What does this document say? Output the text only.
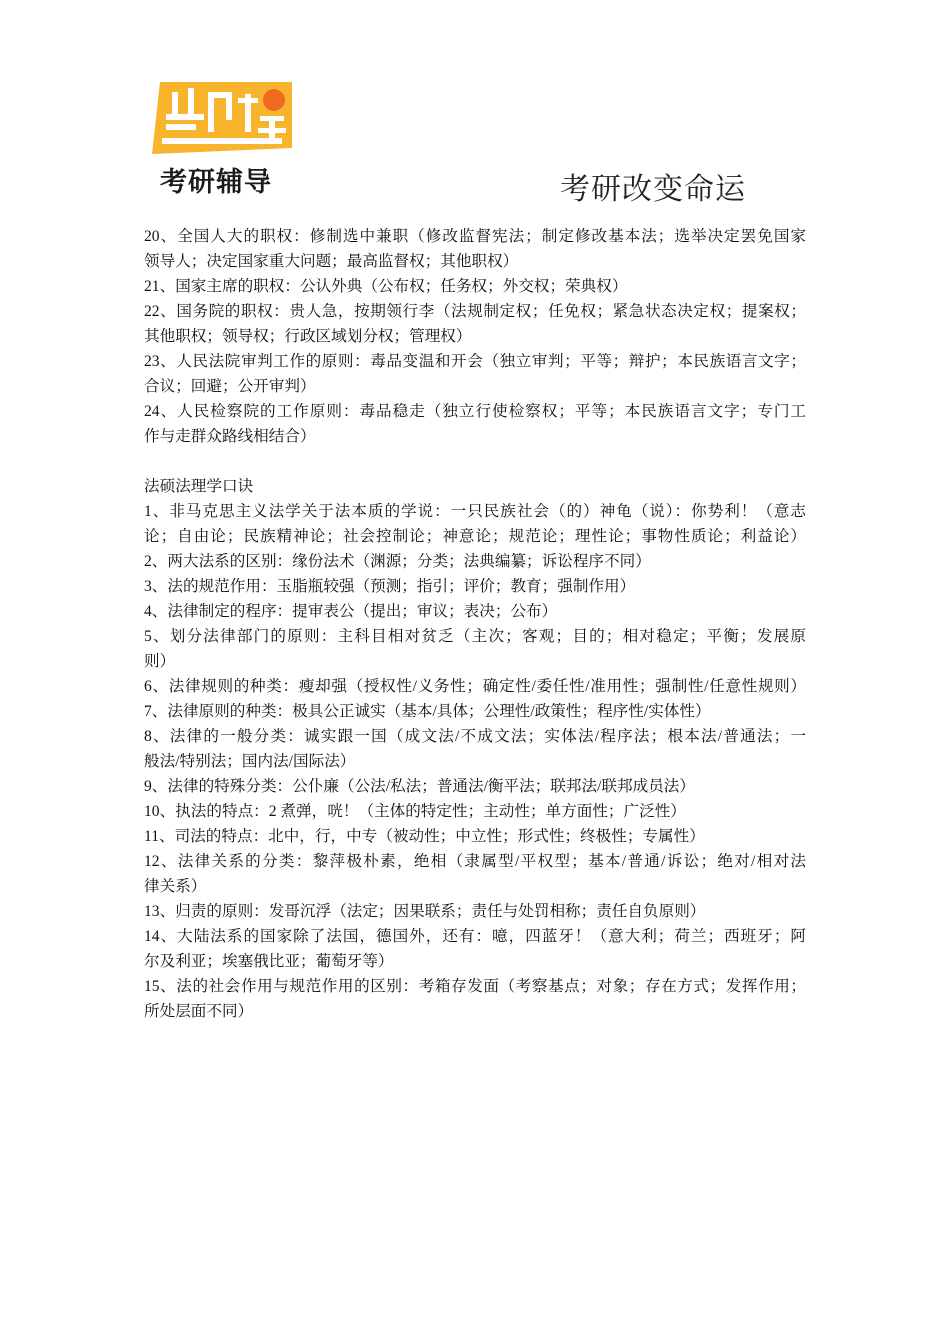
考研辅导	考研改变命运
20、全国人大的职权：修制选中兼职（修改监督宪法；制定修改基本法；选举决定罢免国家
领导人；决定国家重大问题；最高监督权；其他职权）
21、国家主席的职权：公认外典（公布权；任务权；外交权；荣典权）
22、国务院的职权：贵人急，按期领行李（法规制定权；任免权；紧急状态决定权；提案权；
其他职权；领导权；行政区域划分权；管理权）
23、人民法院审判工作的原则：毒品变温和开会（独立审判；平等；辩护；本民族语言文字；
合议；回避；公开审判）
24、人民检察院的工作原则：毒品稳走（独立行使检察权；平等；本民族语言文字；专门工
作与走群众路线相结合）
法硕法理学口诀
1、非马克思主义法学关于法本质的学说：一只民族社会（的）神龟（说）：你势利！（意志
论；自由论；民族精神论；社会控制论；神意论；规范论；理性论；事物性质论；利益论）
2、两大法系的区别：缘份法术（渊源；分类；法典编纂；诉讼程序不同）
3、法的规范作用：玉脂瓶较强（预测；指引；评价；教育；强制作用）
4、法律制定的程序：提审表公（提出；审议；表决；公布）
5、划分法律部门的原则：主科目相对贫乏（主次；客观；目的；相对稳定；平衡；发展原
则）
6、法律规则的种类：瘦却强（授权性/义务性；确定性/委任性/准用性；强制性/任意性规则）
7、法律原则的种类：极具公正诚实（基本/具体；公理性/政策性；程序性/实体性）
8、法律的一般分类：诚实跟一国（成文法/不成文法；实体法/程序法；根本法/普通法；一
般法/特别法；国内法/国际法）
9、法律的特殊分类：公仆廉（公法/私法；普通法/衡平法；联邦法/联邦成员法）
10、执法的特点：2 煮弹，咣！（主体的特定性；主动性；单方面性；广泛性）
11、司法的特点：北中，行，中专（被动性；中立性；形式性；终极性；专属性）
12、法律关系的分类：黎萍极朴素，绝相（隶属型/平权型；基本/普通/诉讼；绝对/相对法
律关系）
13、归责的原则：发哥沉浮（法定；因果联系；责任与处罚相称；责任自负原则）
14、大陆法系的国家除了法国，德国外，还有：噫，四蓝牙！（意大利；荷兰；西班牙；阿
尔及利亚；埃塞俄比亚；葡萄牙等）
15、法的社会作用与规范作用的区别：考箱存发面（考察基点；对象；存在方式；发挥作用；
所处层面不同）
